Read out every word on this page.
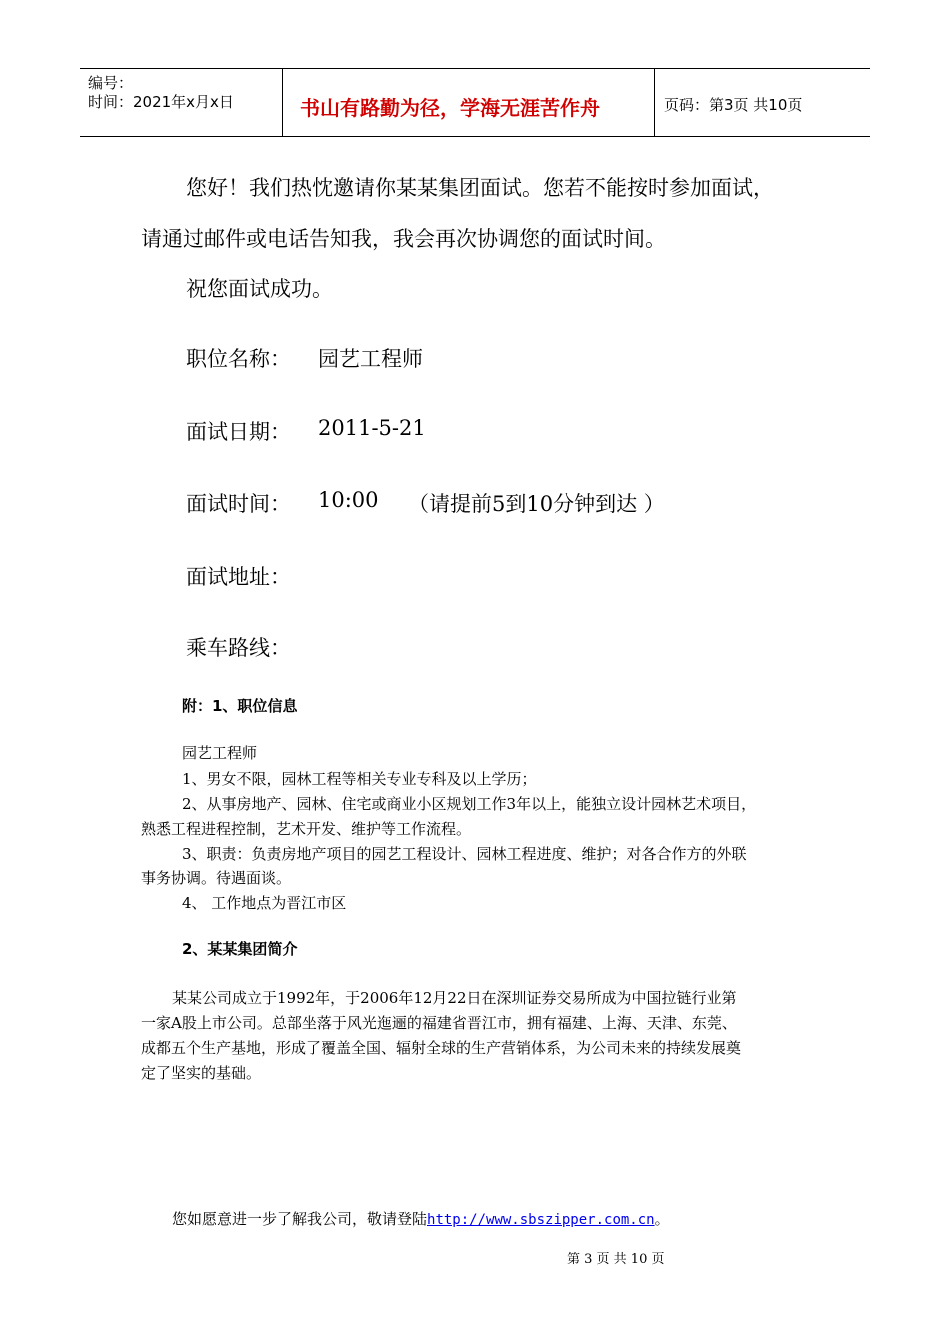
编号：
时间：2021年x月x日	书山有路勤为径，学海无涯苦作舟	页码：第3页 共10页
您好！我们热忱邀请你某某集团面试。您若不能按时参加面试，
请通过邮件或电话告知我，我会再次协调您的面试时间。
祝您面试成功。
职位名称： 园艺工程师
面试日期： 2011-5-21
面试时间： 10:00 （请提前5到10分钟到达 ）
面试地址：
乘车路线：
附：1、职位信息
园艺工程师
1、男女不限，园林工程等相关专业专科及以上学历；
2、从事房地产、园林、住宅或商业小区规划工作3年以上，能独立设计园林艺术项目，
熟悉工程进程控制，艺术开发、维护等工作流程。
3、职责：负责房地产项目的园艺工程设计、园林工程进度、维护；对各合作方的外联
事务协调。待遇面谈。
4、 工作地点为晋江市区
2、某某集团简介
某某公司成立于1992年，于2006年12月22日在深圳证券交易所成为中国拉链行业第
一家A股上市公司。总部坐落于风光迤逦的福建省晋江市，拥有福建、上海、天津、东莞、
成都五个生产基地，形成了覆盖全国、辐射全球的生产营销体系，为公司未来的持续发展奠
定了坚实的基础。
您如愿意进一步了解我公司，敬请登陆http://www.sbszipper.com.cn。
第 3 页 共 10 页
